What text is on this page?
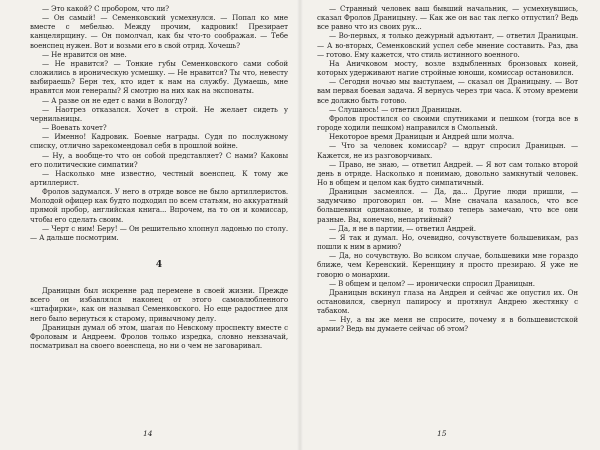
— Это какой? С пробором, что ли?

— Он самый! — Семенковский усмехнулся. — Попал ко мне вместе с мебелью. Между прочим, кадровик! Презирает канцелярщину. — Он помолчал, как бы что-то соображая. — Тебе военспец нужен. Вот и возьми его в свой отряд. Хочешь?

— Не нравится он мне.

— Не нравится? — Тонкие губы Семенковского сами собой сложились в ироническую усмешку. — Не нравится? Ты что, невесту выбираешь? Берн тех, кто идет к нам на службу. Думаешь, мне нравятся мои генералы? Я смотрю на них как на экспонаты.

— А разве он не едет с вами в Вологду?

— Наотрез отказался. Хочет в строй. Не желает сидеть у чернильницы.

— Воевать хочет?

— Именно! Кадровик. Боевые награды. Судя по послужному списку, отлично зарекомендовал себя в прошлой войне.

— Ну, а вообще-то что он собой представляет? С нами? Каковы его политические симпатии?

— Насколько мне известно, честный военспец. К тому же артиллерист.

Фролов задумался. У него в отряде вовсе не было артиллеристов. Молодой офицер как будто подходил по всем статьям, но аккуратный прямой пробор, английская книга... Впрочем, на то он и комиссар, чтобы его сделать своим.

— Черт с ним! Беру! — Он решительно хлопнул ладонью по столу. — А дальше посмотрим.

4

Драницын был искренне рад перемене в своей жизни. Прежде всего он избавлялся наконец от этого самовлюбленного «штафирки», как он называл Семенковского. Но еще радостнее для него было вернуться к старому, привычному делу.

Драницын думал об этом, шагая по Невскому проспекту вместе с Фроловым и Андреем. Фролов только изредка, словно невзначай, посматривал на своего военспеца, но ни о чем не заговаривал.

14

— Странный человек ваш бывший начальник, — усмехнувшись, сказал Фролов Драницыну. — Как же он вас так легко отпустил? Ведь все равно что из своих рук...

— Во-первых, я только дежурный адъютант, — ответил Драницын. — А во-вторых, Семенковский успел себе мнение составить. Раз, два — готово. Ему кажется, что стиль истинного военного.

На Аничковом мосту, возле вздыбленных бронзовых коней, которых удерживают нагие стройные юноши, комиссар остановился.

— Сегодня ночью мы выступаем, — сказал он Драницыну. — Вот вам первая боевая задача. Я вернусь через три часа. К этому времени все должно быть готово.

— Слушаюсь! — ответил Драницын.

Фролов простился со своими спутниками и пешком (тогда все в городе ходили пешком) направился в Смольный.

Некоторое время Драницын и Андрей шли молча.

— Что за человек комиссар? — вдруг спросил Драницын. — Кажется, не из разговорчивых.

— Право, не знаю, — ответил Андрей. — Я вот сам только второй день в отряде. Насколько я понимаю, довольно замкнутый человек. Но в общем и целом как будто симпатичный.

Драницын засмеялся. — Да, да... Другие люди пришли, — задумчиво проговорил он. — Мне сначала казалось, что все большевики одинаковые, и только теперь замечаю, что все они разные. Вы, конечно, непартийный?

— Да, я не в партии, — ответил Андрей.

— Я так и думал. Но, очевидно, сочувствуете большевикам, раз пошли к ним в армию?

— Да, но сочувствую. Во всяком случае, большевики мне гораздо ближе, чем Керенский. Керенщину я просто презираю. Я уже не говорю о монархии.

— В общем и целом? — иронически спросил Драницын.

Драницын вскинул глаза на Андрея и сейчас же опустил их. Он остановился, свернул папиросу и протянул Андрею жестянку с табаком.

— Ну, а вы же меня не спросите, почему я в большевистской армии? Ведь вы думаете сейчас об этом?

15
